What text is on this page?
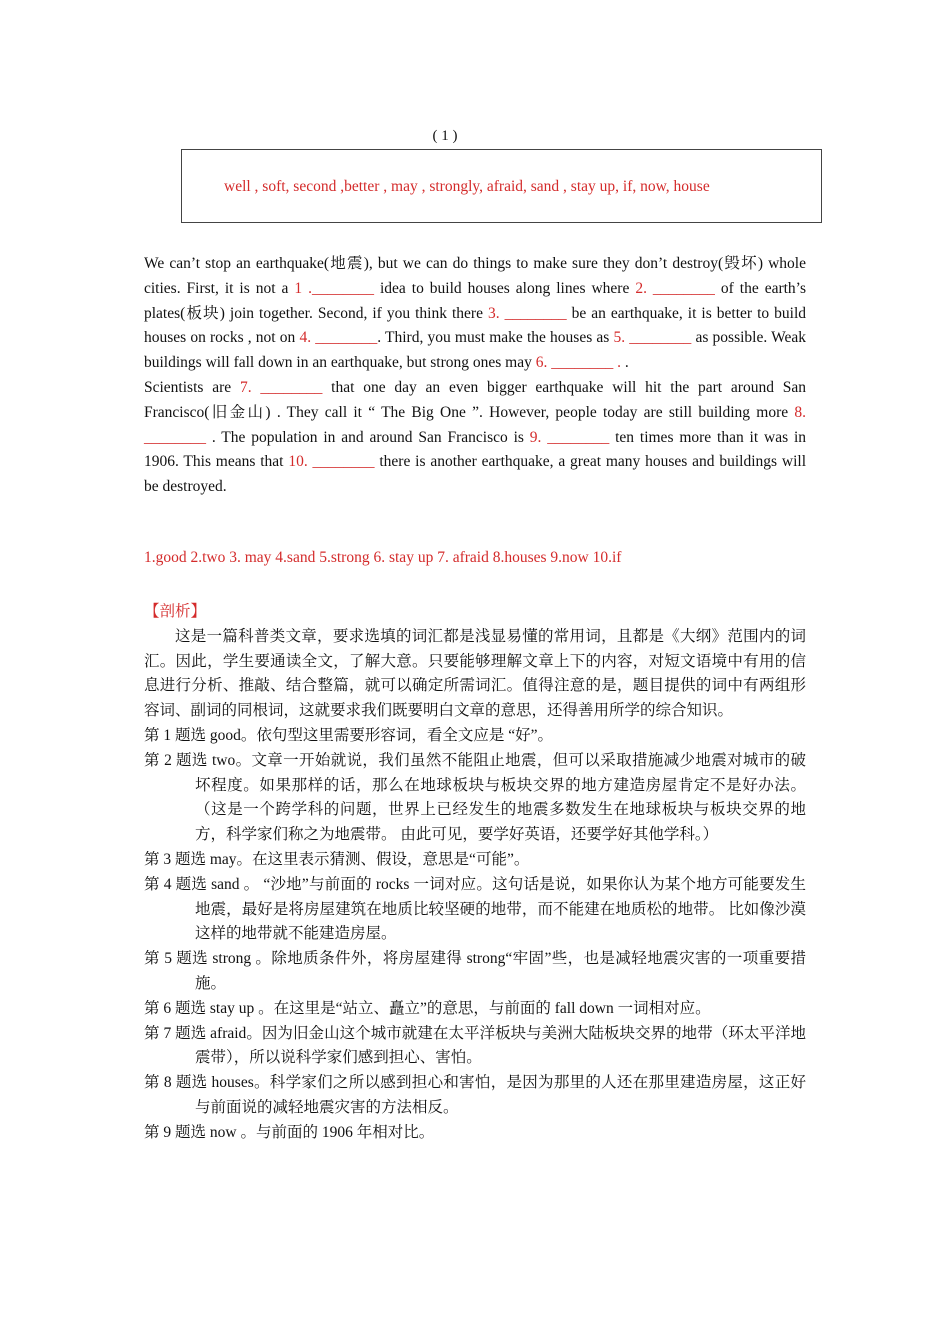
( 1 )
well , soft, second ,better , may , strongly, afraid, sand , stay up, if, now, house

We can’t stop an earthquake(地震), but we can do things to make sure they don’t destroy(毁坏) whole cities. First, it is not a 1 .________ idea to build houses along lines where 2. ________ of the earth’s plates(板块) join together. Second, if you think there 3. ________ be an earthquake, it is better to build houses on rocks , not on 4. ________. Third, you must make the houses as 5. ________ as possible. Weak buildings will fall down in an earthquake, but strong ones may 6. ________ . .

Scientists are 7. ________ that one day an even bigger earthquake will hit the part around San Francisco(旧金山) . They call it “ The Big One ”. However, people today are still building more 8. ________ . The population in and around San Francisco is 9. ________ ten times more than it was in 1906. This means that 10. ________ there is another earthquake, a great many houses and buildings will be destroyed.

1.good 2.two 3. may 4.sand 5.strong 6. stay up 7. afraid 8.houses 9.now 10.if
【剖析】
这是一篇科普类文章，要求选填的词汇都是浅显易懂的常用词，且都是《大纲》范围内的词汇。因此，学生要通读全文，了解大意。只要能够理解文章上下的内容，对短文语境中有用的信息进行分析、推敲、结合整篇，就可以确定所需词汇。值得注意的是，题目提供的词中有两组形容词、副词的同根词，这就要求我们既要明白文章的意思，还得善用所学的综合知识。
第 1 题选 good。依句型这里需要形容词，看全文应是 “好”。
第 2 题选 two。文章一开始就说，我们虽然不能阻止地震，但可以采取措施减少地震对城市的破坏程度。如果那样的话，那么在地球板块与板块交界的地方建造房屋肯定不是好办法。 （这是一个跨学科的问题，世界上已经发生的地震多数发生在地球板块与板块交界的地方，科学家们称之为地震带。 由此可见，要学好英语，还要学好其他学科。）
第 3 题选 may。在这里表示猜测、假设，意思是“可能”。
第 4 题选 sand 。 “沙地”与前面的 rocks 一词对应。这句话是说，如果你认为某个地方可能要发生地震，最好是将房屋建筑在地质比较坚硬的地带，而不能建在地质松的地带。 比如像沙漠这样的地带就不能建造房屋。
第 5 题选 strong 。除地质条件外，将房屋建得 strong“牢固”些，也是减轻地震灾害的一项重要措施。
第 6 题选 stay up 。在这里是“站立、矗立”的意思，与前面的 fall down 一词相对应。
第 7 题选 afraid。因为旧金山这个城市就建在太平洋板块与美洲大陆板块交界的地带（环太平洋地震带），所以说科学家们感到担心、害怕。
第 8 题选 houses。科学家们之所以感到担心和害怕，是因为那里的人还在那里建造房屋，这正好与前面说的减轻地震灾害的方法相反。
第 9 题选 now 。与前面的 1906 年相对比。
